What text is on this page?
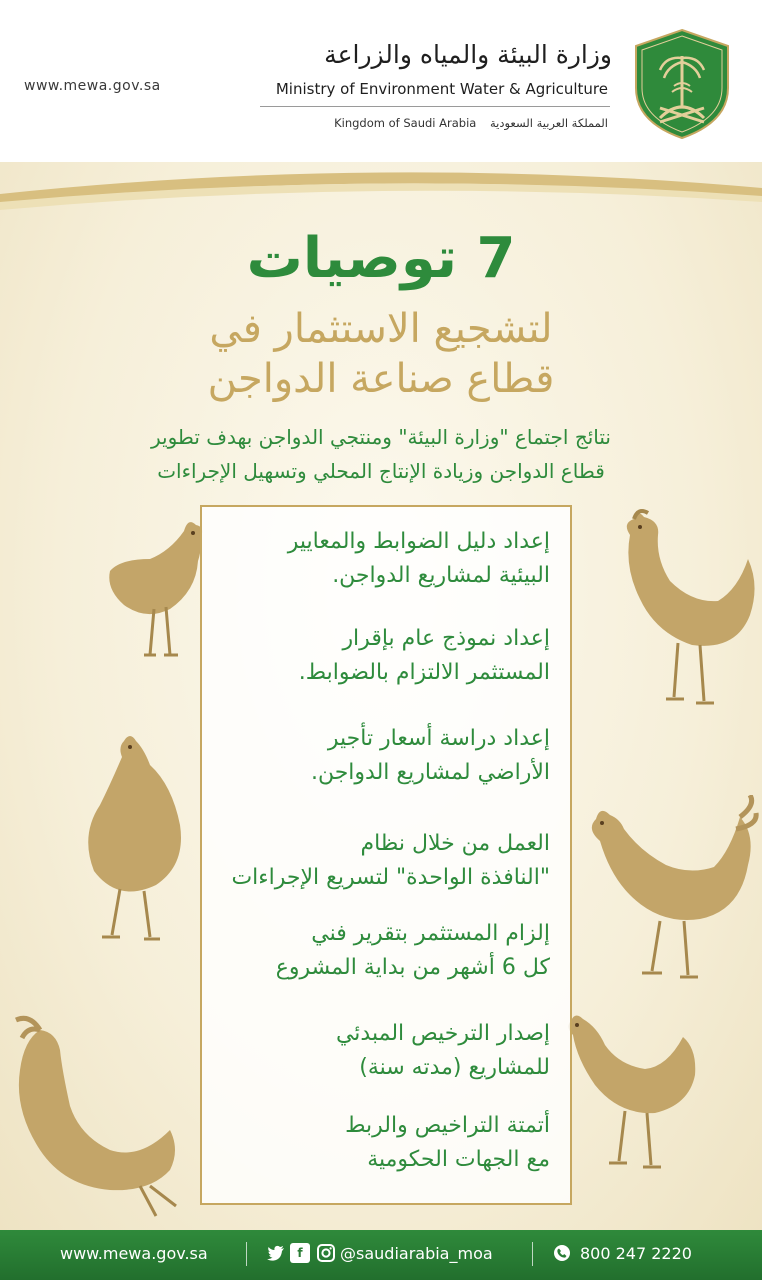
www.mewa.gov.sa
وزارة البيئة والمياه والزراعة
Ministry of Environment Water & Agriculture
Kingdom of Saudi Arabia المملكة العربية السعودية
7 توصيات
لتشجيع الاستثمار في
قطاع صناعة الدواجن
نتائج اجتماع "وزارة البيئة" ومنتجي الدواجن بهدف تطوير
قطاع الدواجن وزيادة الإنتاج المحلي وتسهيل الإجراءات
إعداد دليل الضوابط والمعايير
البيئية لمشاريع الدواجن.
إعداد نموذج عام بإقرار
المستثمر الالتزام بالضوابط.
إعداد دراسة أسعار تأجير
الأراضي لمشاريع الدواجن.
العمل من خلال نظام
"النافذة الواحدة" لتسريع الإجراءات
إلزام المستثمر بتقرير فني
كل 6 أشهر من بداية المشروع
إصدار الترخيص المبدئي
للمشاريع (مدته سنة)
أتمتة التراخيص والربط
مع الجهات الحكومية
www.mewa.gov.sa	f	@saudiarabia_moa	800 247 2220
